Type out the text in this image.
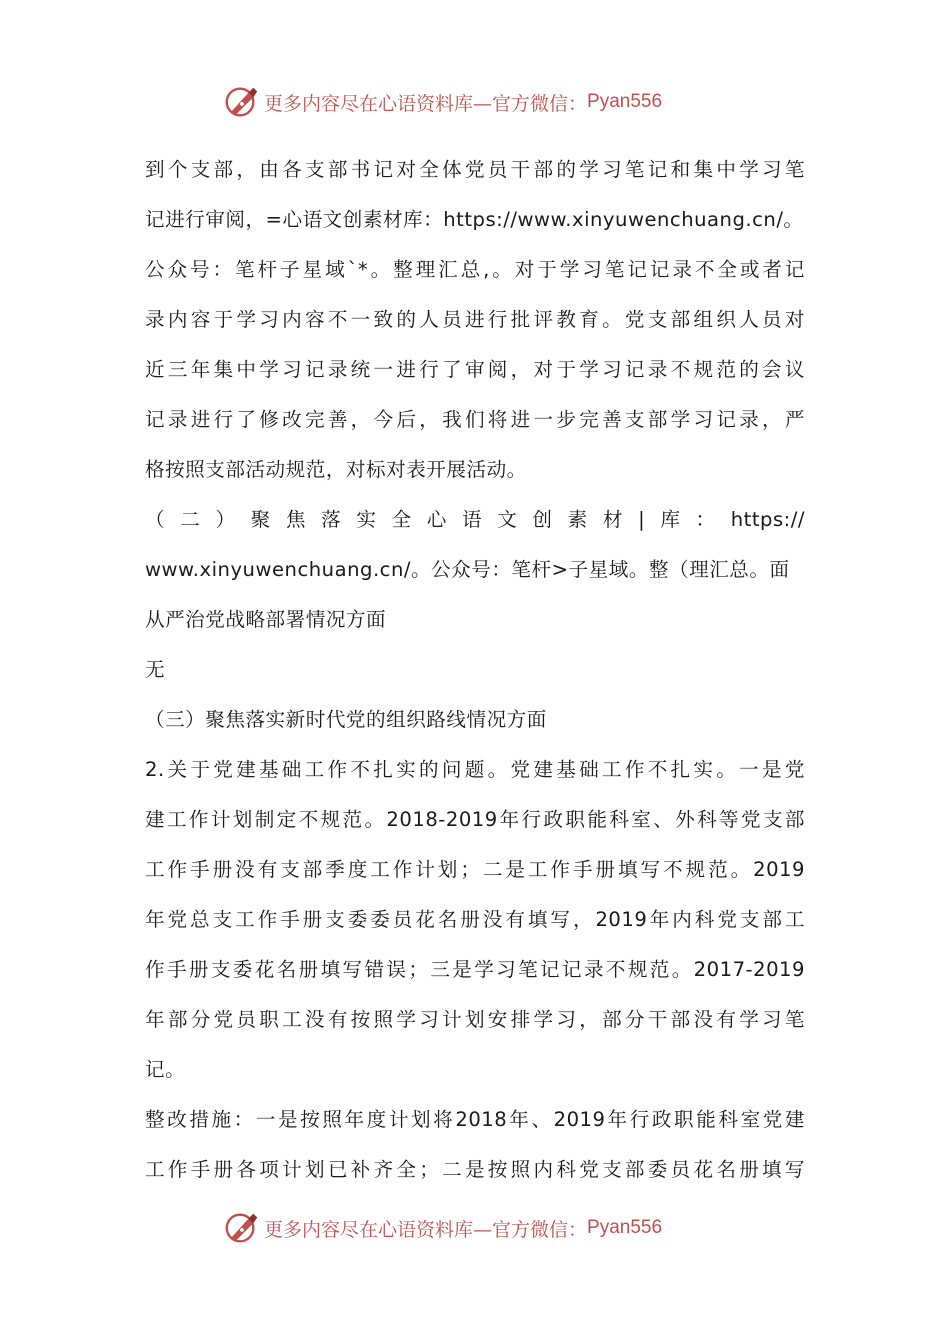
更多内容尽在心语资料库—官方微信： Pyan556

到个支部，由各支部书记对全体党员干部的学习笔记和集中学习笔

记进行审阅，=心语文创素材库：https://www.xinyuwenchuang.cn/。

公众号：笔杆子星域`*。整理汇总,。对于学习笔记记录不全或者记

录内容于学习内容不一致的人员进行批评教育。党支部组织人员对

近三年集中学习记录统一进行了审阅，对于学习记录不规范的会议

记录进行了修改完善，今后，我们将进一步完善支部学习记录，严

格按照支部活动规范，对标对表开展活动。

（二）聚焦落实全心语文创素材|库：https://

www.xinyuwenchuang.cn/。公众号：笔杆>子星域。整（理汇总。面

从严治党战略部署情况方面

无

（三）聚焦落实新时代党的组织路线情况方面

2.关于党建基础工作不扎实的问题。党建基础工作不扎实。一是党

建工作计划制定不规范。2018-2019年行政职能科室、外科等党支部

工作手册没有支部季度工作计划；二是工作手册填写不规范。2019

年党总支工作手册支委委员花名册没有填写，2019年内科党支部工

作手册支委花名册填写错误；三是学习笔记记录不规范。2017-2019

年部分党员职工没有按照学习计划安排学习，部分干部没有学习笔

记。

整改措施：一是按照年度计划将2018年、2019年行政职能科室党建

工作手册各项计划已补齐全；二是按照内科党支部委员花名册填写

更多内容尽在心语资料库—官方微信： Pyan556
